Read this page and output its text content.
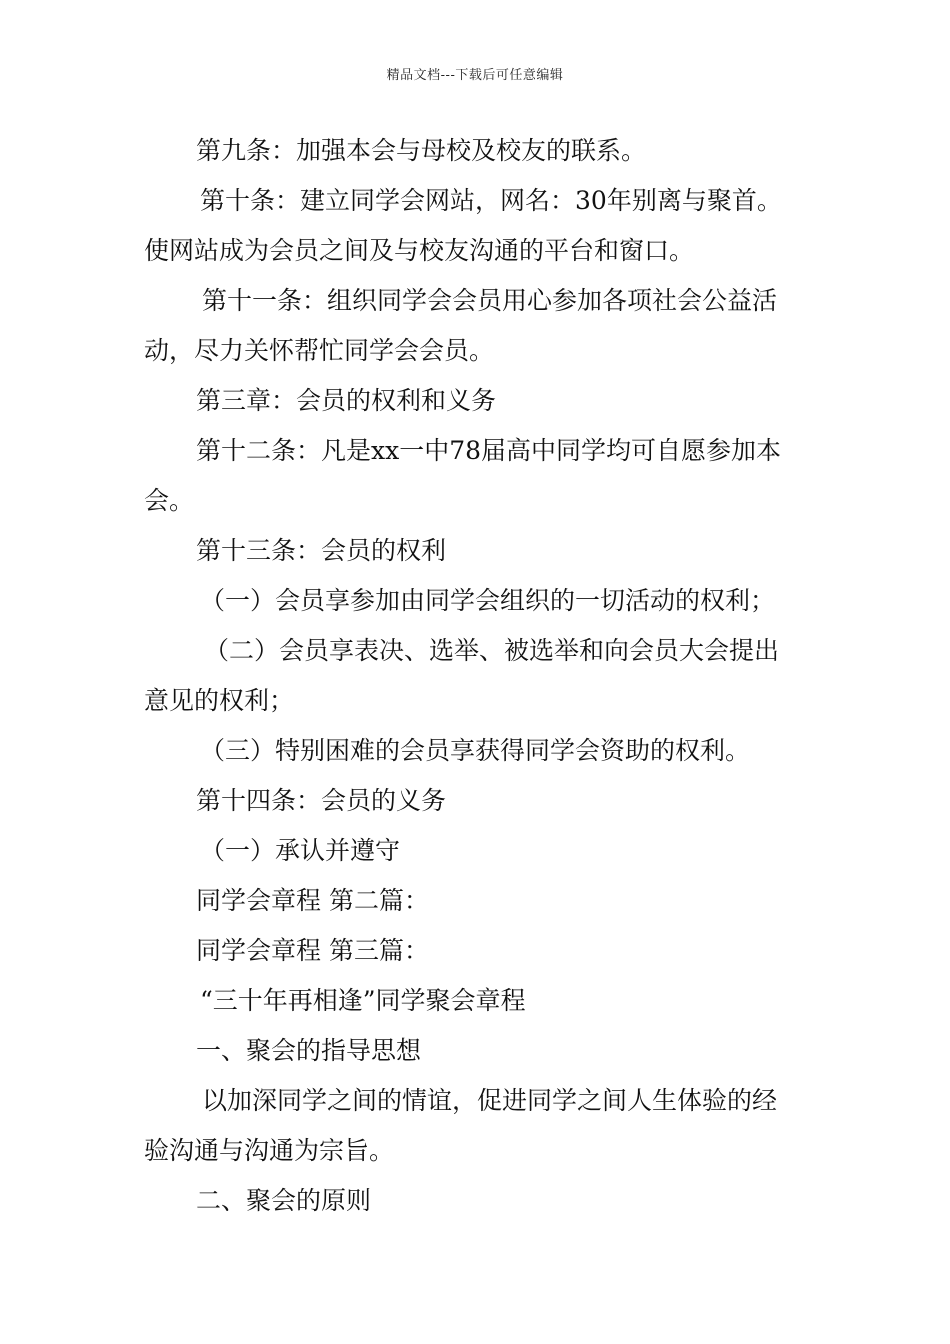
精品文档---下载后可任意编辑

第九条：加强本会与母校及校友的联系。

第十条：建立同学会网站，网名：30年别离与聚首。

使网站成为会员之间及与校友沟通的平台和窗口。

第十一条：组织同学会会员用心参加各项社会公益活

动，尽力关怀帮忙同学会会员。

第三章：会员的权利和义务

第十二条：凡是xx一中78届高中同学均可自愿参加本

会。

第十三条：会员的权利

（一）会员享参加由同学会组织的一切活动的权利；

（二）会员享表决、选举、被选举和向会员大会提出

意见的权利；

（三）特别困难的会员享获得同学会资助的权利。

第十四条：会员的义务

（一）承认并遵守

同学会章程 第二篇：

同学会章程 第三篇：

“三十年再相逢”同学聚会章程

一、聚会的指导思想

以加深同学之间的情谊，促进同学之间人生体验的经

验沟通与沟通为宗旨。

二、聚会的原则
